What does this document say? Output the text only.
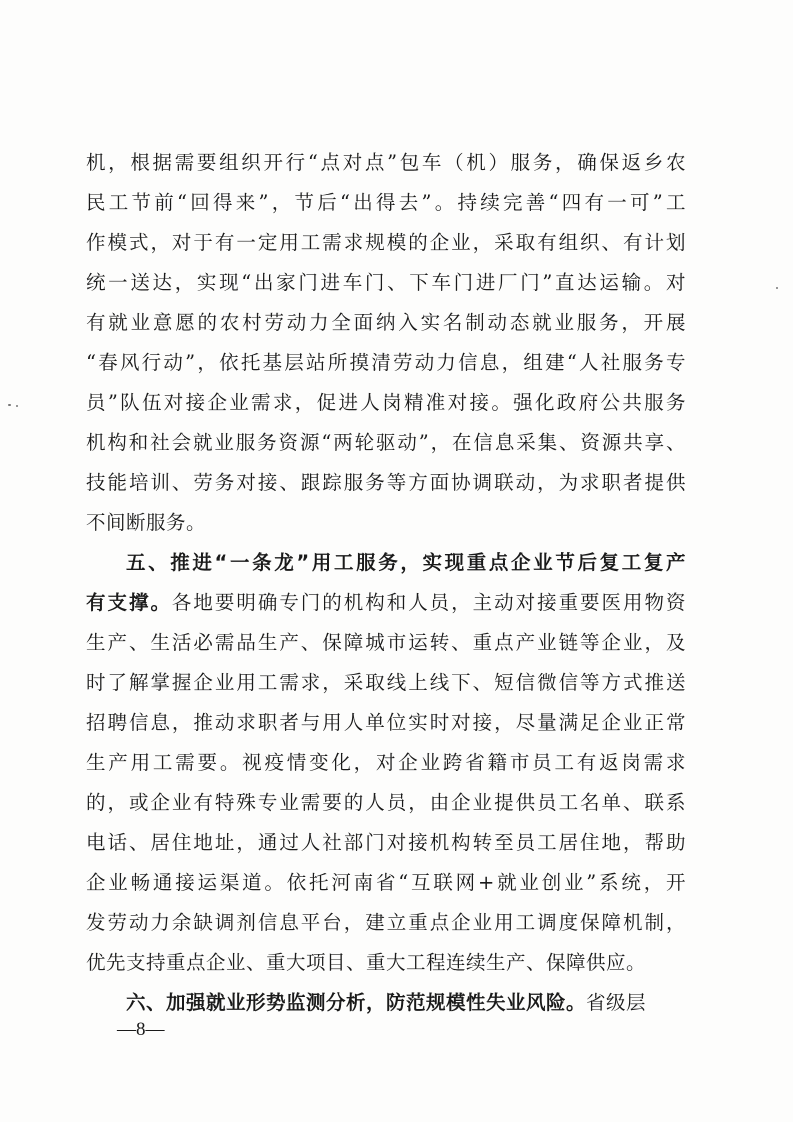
机，根据需要组织开行“点对点”包车（机）服务，确保返乡农
民工节前“回得来”，节后“出得去”。持续完善“四有一可”工
作模式，对于有一定用工需求规模的企业，采取有组织、有计划
统一送达，实现“出家门进车门、下车门进厂门”直达运输。对
有就业意愿的农村劳动力全面纳入实名制动态就业服务，开展
“春风行动”，依托基层站所摸清劳动力信息，组建“人社服务专
员”队伍对接企业需求，促进人岗精准对接。强化政府公共服务
机构和社会就业服务资源“两轮驱动”，在信息采集、资源共享、
技能培训、劳务对接、跟踪服务等方面协调联动，为求职者提供
不间断服务。
五、推进“一条龙”用工服务，实现重点企业节后复工复产
有支撑。各地要明确专门的机构和人员，主动对接重要医用物资
生产、生活必需品生产、保障城市运转、重点产业链等企业，及
时了解掌握企业用工需求，采取线上线下、短信微信等方式推送
招聘信息，推动求职者与用人单位实时对接，尽量满足企业正常
生产用工需要。视疫情变化，对企业跨省籍市员工有返岗需求
的，或企业有特殊专业需要的人员，由企业提供员工名单、联系
电话、居住地址，通过人社部门对接机构转至员工居住地，帮助
企业畅通接运渠道。依托河南省“互联网+就业创业”系统，开
发劳动力余缺调剂信息平台，建立重点企业用工调度保障机制，
优先支持重点企业、重大项目、重大工程连续生产、保障供应。
六、加强就业形势监测分析，防范规模性失业风险。省级层
—8—
